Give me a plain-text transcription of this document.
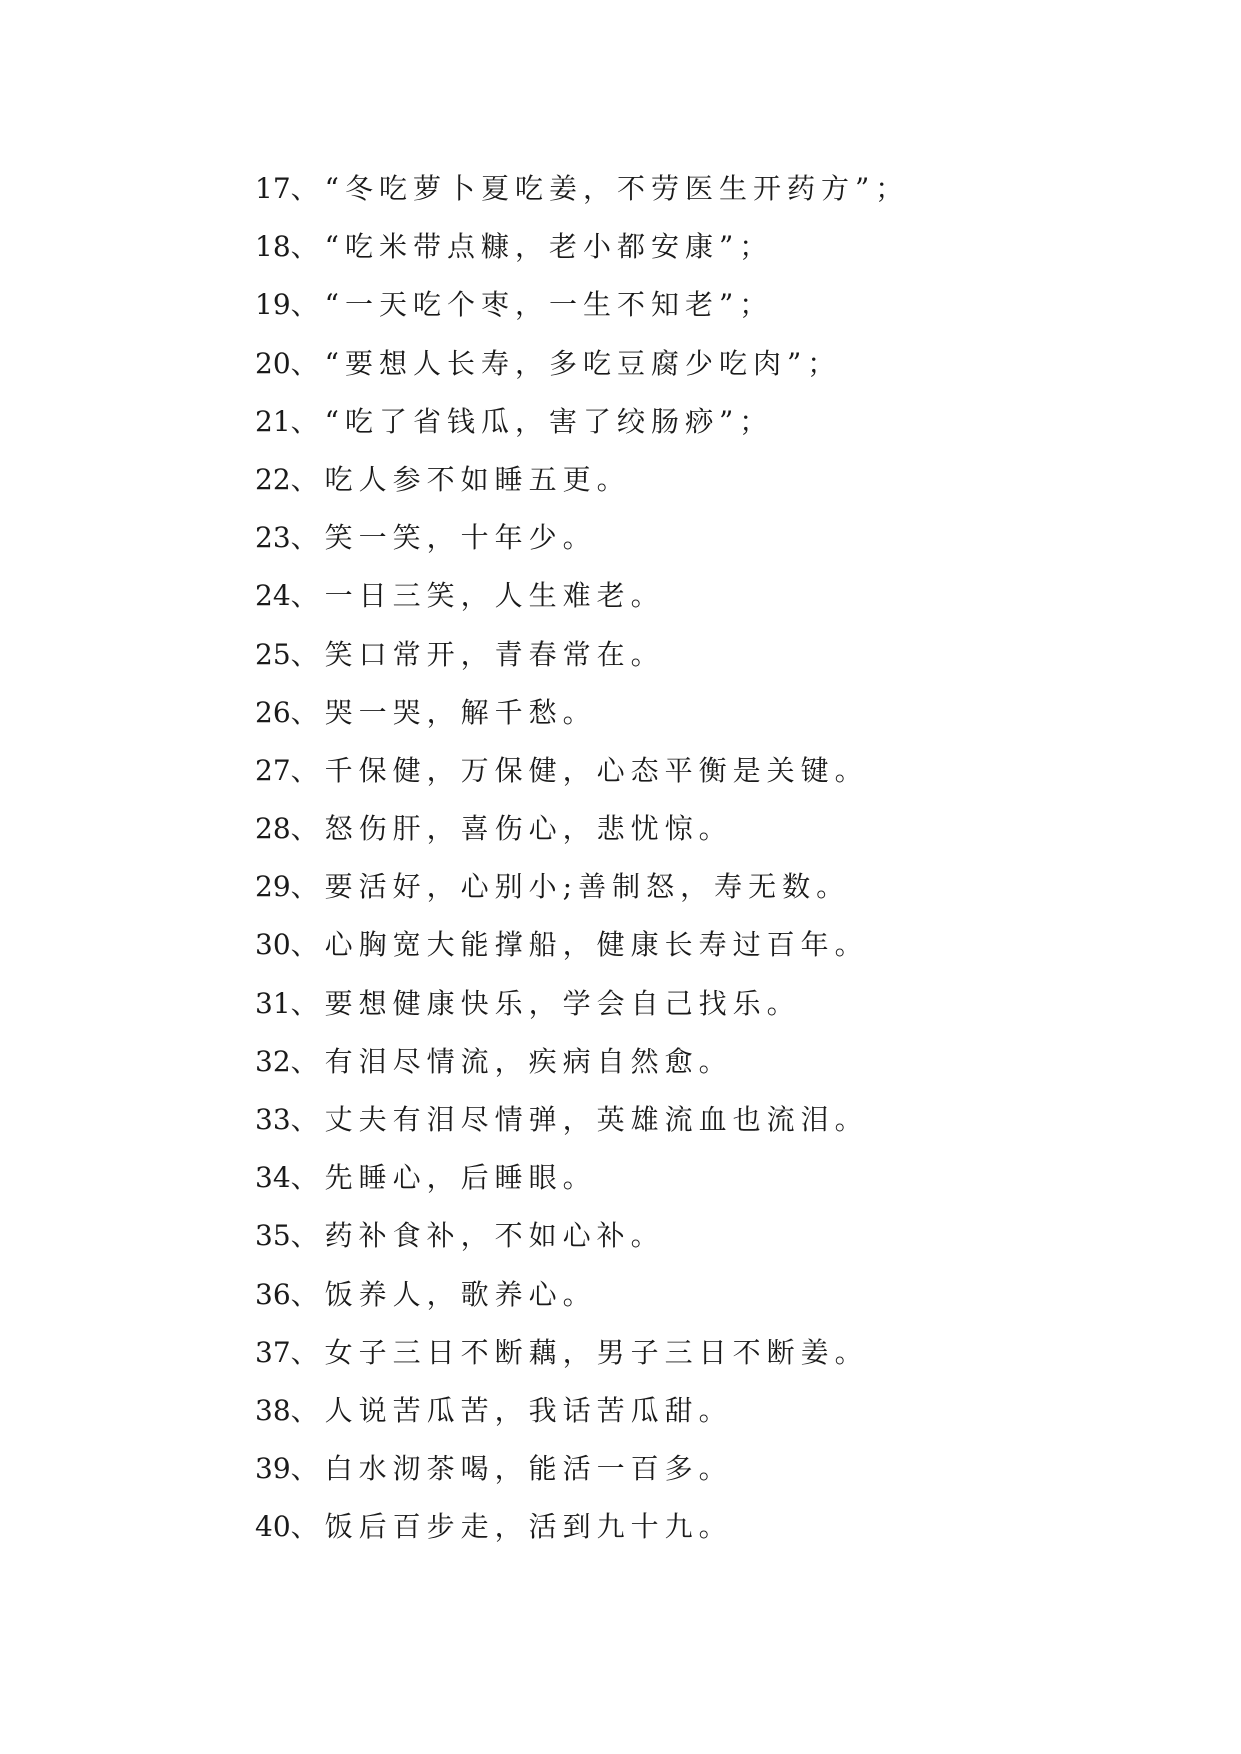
17 、 “冬吃萝卜夏吃姜，不劳医生开药方”；
18 、 “吃米带点糠，老小都安康”；
19 、 “一天吃个枣，一生不知老”；
20 、 “要想人长寿，多吃豆腐少吃肉”；
21 、 “吃了省钱瓜，害了绞肠痧”；
22 、 吃人参不如睡五更。
23 、 笑一笑，十年少。
24 、 一日三笑，人生难老。
25 、 笑口常开，青春常在。
26 、 哭一哭，解千愁。
27 、 千保健，万保健，心态平衡是关键。
28 、 怒伤肝，喜伤心，悲忧惊。
29 、 要活好，心别小;善制怒，寿无数。
30 、 心胸宽大能撑船，健康长寿过百年。
31 、 要想健康快乐，学会自己找乐。
32 、 有泪尽情流，疾病自然愈。
33 、 丈夫有泪尽情弹，英雄流血也流泪。
34 、 先睡心，后睡眼。
35 、 药补食补，不如心补。
36 、 饭养人，歌养心。
37 、 女子三日不断藕，男子三日不断姜。
38 、 人说苦瓜苦，我话苦瓜甜。
39 、 白水沏茶喝，能活一百多。
40 、 饭后百步走，活到九十九。
